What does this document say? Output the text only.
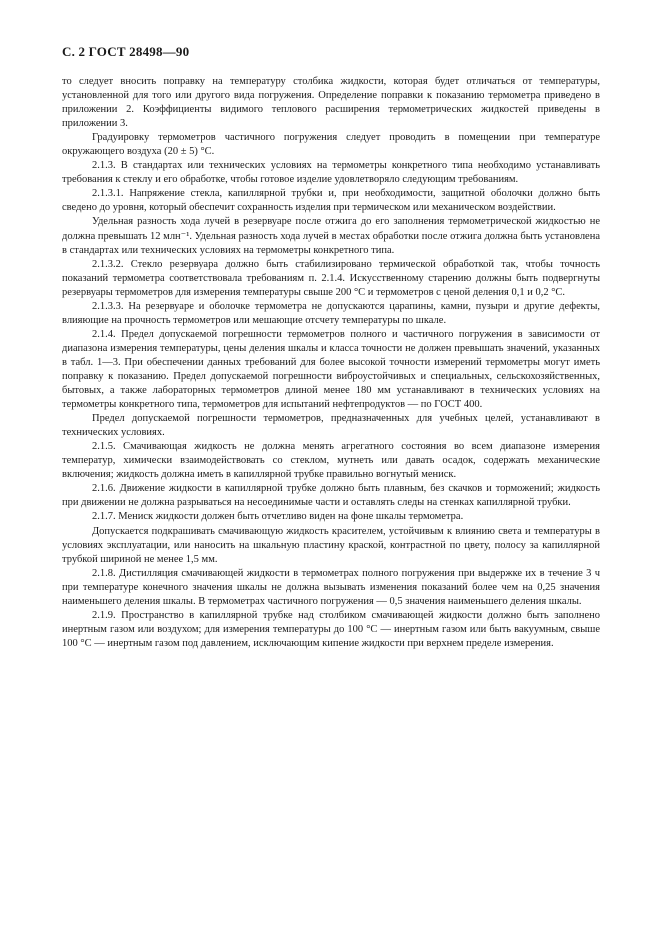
С. 2 ГОСТ 28498—90

то следует вносить поправку на температуру столбика жидкости, которая будет отличаться от температуры, установленной для того или другого вида погружения. Определение поправки к показанию термометра приведено в приложении 2. Коэффициенты видимого теплового расширения термометрических жидкостей приведены в приложении 3.

Градуировку термометров частичного погружения следует проводить в помещении при температуре окружающего воздуха (20 ± 5) °С.

2.1.3. В стандартах или технических условиях на термометры конкретного типа необходимо устанавливать требования к стеклу и его обработке, чтобы готовое изделие удовлетворяло следующим требованиям.

2.1.3.1. Напряжение стекла, капиллярной трубки и, при необходимости, защитной оболочки должно быть сведено до уровня, который обеспечит сохранность изделия при термическом или механическом воздействии.

Удельная разность хода лучей в резервуаре после отжига до его заполнения термометрической жидкостью не должна превышать 12 млн⁻¹. Удельная разность хода лучей в местах обработки после отжига должна быть установлена в стандартах или технических условиях на термометры конкретного типа.

2.1.3.2. Стекло резервуара должно быть стабилизировано термической обработкой так, чтобы точность показаний термометра соответствовала требованиям п. 2.1.4. Искусственному старению должны быть подвергнуты резервуары термометров для измерения температуры свыше 200 °С и термометров с ценой деления 0,1 и 0,2 °С.

2.1.3.3. На резервуаре и оболочке термометра не допускаются царапины, камни, пузыри и другие дефекты, влияющие на прочность термометров или мешающие отсчету температуры по шкале.

2.1.4. Предел допускаемой погрешности термометров полного и частичного погружения в зависимости от диапазона измерения температуры, цены деления шкалы и класса точности не должен превышать значений, указанных в табл. 1—3. При обеспечении данных требований для более высокой точности измерений термометры могут иметь поправку к показанию. Предел допускаемой погрешности виброустойчивых и специальных, сельскохозяйственных, бытовых, а также лабораторных термометров длиной менее 180 мм устанавливают в технических условиях на термометры конкретного типа, термометров для испытаний нефтепродуктов — по ГОСТ 400.

Предел допускаемой погрешности термометров, предназначенных для учебных целей, устанавливают в технических условиях.

2.1.5. Смачивающая жидкость не должна менять агрегатного состояния во всем диапазоне измерения температур, химически взаимодействовать со стеклом, мутнеть или давать осадок, содержать механические включения; жидкость должна иметь в капиллярной трубке правильно вогнутый мениск.

2.1.6. Движение жидкости в капиллярной трубке должно быть плавным, без скачков и торможений; жидкость при движении не должна разрываться на несоединимые части и оставлять следы на стенках капиллярной трубки.

2.1.7. Мениск жидкости должен быть отчетливо виден на фоне шкалы термометра.

Допускается подкрашивать смачивающую жидкость красителем, устойчивым к влиянию света и температуры в условиях эксплуатации, или наносить на шкальную пластину краской, контрастной по цвету, полосу за капиллярной трубкой шириной не менее 1,5 мм.

2.1.8. Дистилляция смачивающей жидкости в термометрах полного погружения при выдержке их в течение 3 ч при температуре конечного значения шкалы не должна вызывать изменения показаний более чем на 0,25 значения наименьшего деления шкалы. В термометрах частичного погружения — 0,5 значения наименьшего деления шкалы.

2.1.9. Пространство в капиллярной трубке над столбиком смачивающей жидкости должно быть заполнено инертным газом или воздухом; для измерения температуры до 100 °С — инертным газом или быть вакуумным, свыше 100 °С — инертным газом под давлением, исключающим кипение жидкости при верхнем пределе измерения.
